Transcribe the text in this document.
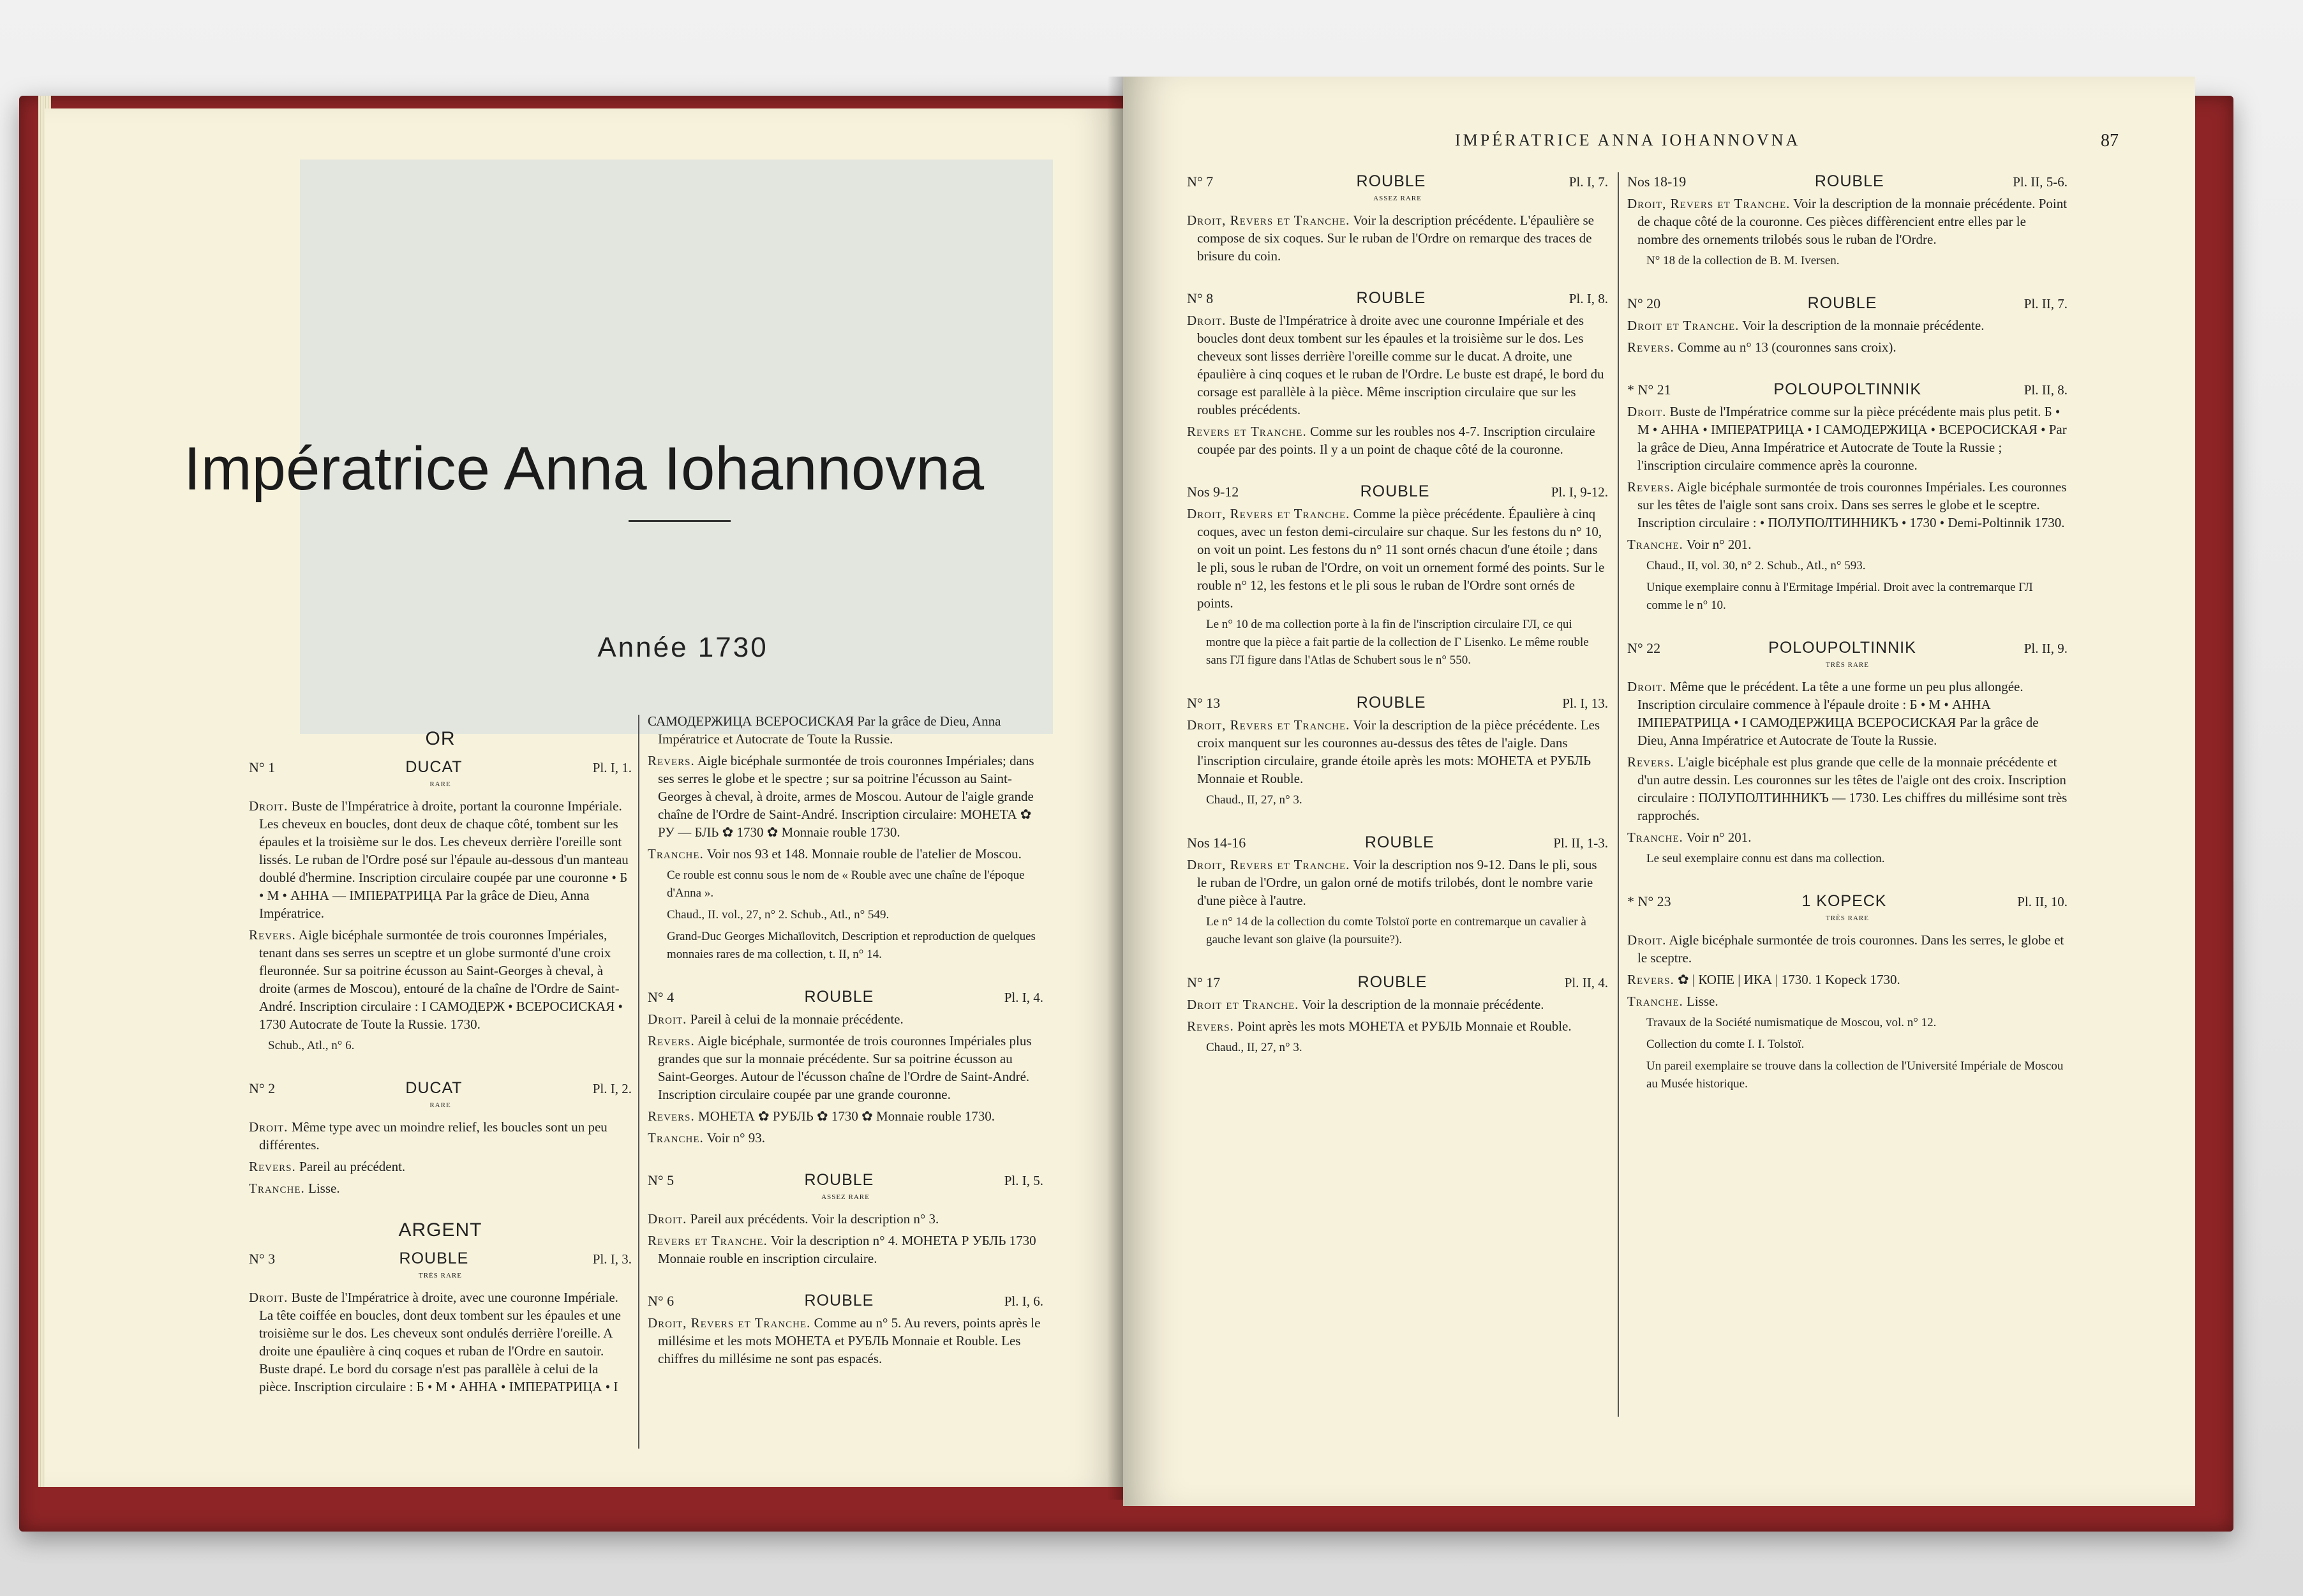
Impératrice Anna Iohannovna
Année 1730
OR
N° 1	DUCAT	Pl. I, 1.
RARE
Droit. Buste de l'Impératrice à droite, portant la couronne Impériale. Les cheveux en boucles, dont deux de chaque côté, tombent sur les épaules et la troisième sur le dos. Les cheveux derrière l'oreille sont lissés. Le ruban de l'Ordre posé sur l'épaule au-dessous d'un manteau doublé d'hermine. Inscription circulaire coupée par une couronne • Б • М • АННА — ІМПЕРАТРИЦА Par la grâce de Dieu, Anna Impératrice.
Revers. Aigle bicéphale surmontée de trois couronnes Impériales, tenant dans ses serres un sceptre et un globe surmonté d'une croix fleuronnée. Sur sa poitrine écusson au Saint-Georges à cheval, à droite (armes de Moscou), entouré de la chaîne de l'Ordre de Saint-André. Inscription circulaire : І САМОДЕРЖ • ВСЕРОСИСКАЯ • 1730 Autocrate de Toute la Russie. 1730.
Schub., Atl., n° 6.
N° 2	DUCAT	Pl. I, 2.
RARE
Droit. Même type avec un moindre relief, les boucles sont un peu différentes.
Revers. Pareil au précédent.
Tranche. Lisse.
ARGENT
N° 3	ROUBLE	Pl. I, 3.
TRÈS RARE
Droit. Buste de l'Impératrice à droite, avec une couronne Impériale. La tête coiffée en boucles, dont deux tombent sur les épaules et une troisième sur le dos. Les cheveux sont ondulés derrière l'oreille. A droite une épaulière à cinq coques et ruban de l'Ordre en sautoir. Buste drapé. Le bord du corsage n'est pas parallèle à celui de la pièce. Inscription circulaire : Б • М • АННА • ІМПЕРАТРИЦА • І
САМОДЕРЖИЦА ВСЕРОСИСКАЯ Par la grâce de Dieu, Anna Impératrice et Autocrate de Toute la Russie.
Revers. Aigle bicéphale surmontée de trois couronnes Impériales; dans ses serres le globe et le spectre ; sur sa poitrine l'écusson au Saint-Georges à cheval, à droite, armes de Moscou. Autour de l'aigle grande chaîne de l'Ordre de Saint-André. Inscription circulaire: МОНЕТА ✿ РУ — БЛЬ ✿ 1730 ✿ Monnaie rouble 1730.
Tranche. Voir nos 93 et 148. Monnaie rouble de l'atelier de Moscou.
Ce rouble est connu sous le nom de « Rouble avec une chaîne de l'époque d'Anna ».
Chaud., II. vol., 27, n° 2. Schub., Atl., n° 549.
Grand-Duc Georges Michaïlovitch, Description et reproduction de quelques monnaies rares de ma collection, t. II, n° 14.
N° 4	ROUBLE	Pl. I, 4.
Droit. Pareil à celui de la monnaie précédente.
Revers. Aigle bicéphale, surmontée de trois couronnes Impériales plus grandes que sur la monnaie précédente. Sur sa poitrine écusson au Saint-Georges. Autour de l'écusson chaîne de l'Ordre de Saint-André. Inscription circulaire coupée par une grande couronne.
Revers. МОНЕТА ✿ РУБЛЬ ✿ 1730 ✿ Monnaie rouble 1730.
Tranche. Voir n° 93.
N° 5	ROUBLE	Pl. I, 5.
ASSEZ RARE
Droit. Pareil aux précédents. Voir la description n° 3.
Revers et Tranche. Voir la description n° 4. МОНЕТА Р УБЛЬ 1730 Monnaie rouble en inscription circulaire.
N° 6	ROUBLE	Pl. I, 6.
Droit, Revers et Tranche. Comme au n° 5. Au revers, points après le millésime et les mots МОНЕТА et РУБЛЬ Monnaie et Rouble. Les chiffres du millésime ne sont pas espacés.
IMPÉRATRICE ANNA IOHANNOVNA	87
N° 7	ROUBLE	Pl. I, 7.
ASSEZ RARE
Droit, Revers et Tranche. Voir la description précédente. L'épaulière se compose de six coques. Sur le ruban de l'Ordre on remarque des traces de brisure du coin.
N° 8	ROUBLE	Pl. I, 8.
Droit. Buste de l'Impératrice à droite avec une couronne Impériale et des boucles dont deux tombent sur les épaules et la troisième sur le dos. Les cheveux sont lisses derrière l'oreille comme sur le ducat. A droite, une épaulière à cinq coques et le ruban de l'Ordre. Le buste est drapé, le bord du corsage est parallèle à la pièce. Même inscription circulaire que sur les roubles précédents.
Revers et Tranche. Comme sur les roubles nos 4-7. Inscription circulaire coupée par des points. Il y a un point de chaque côté de la couronne.
Nos 9-12	ROUBLE	Pl. I, 9-12.
Droit, Revers et Tranche. Comme la pièce précédente. Épaulière à cinq coques, avec un feston demi-circulaire sur chaque. Sur les festons du n° 10, on voit un point. Les festons du n° 11 sont ornés chacun d'une étoile ; dans le pli, sous le ruban de l'Ordre, on voit un ornement formé des points. Sur le rouble n° 12, les festons et le pli sous le ruban de l'Ordre sont ornés de points.
Le n° 10 de ma collection porte à la fin de l'inscription circulaire ГЛ, ce qui montre que la pièce a fait partie de la collection de Г Lisenko. Le même rouble sans ГЛ figure dans l'Atlas de Schubert sous le n° 550.
N° 13	ROUBLE	Pl. I, 13.
Droit, Revers et Tranche. Voir la description de la pièce précédente. Les croix manquent sur les couronnes au-dessus des têtes de l'aigle. Dans l'inscription circulaire, grande étoile après les mots: МОНЕТА et РУБЛЬ Monnaie et Rouble.
Chaud., II, 27, n° 3.
Nos 14-16	ROUBLE	Pl. II, 1-3.
Droit, Revers et Tranche. Voir la description nos 9-12. Dans le pli, sous le ruban de l'Ordre, un galon orné de motifs trilobés, dont le nombre varie d'une pièce à l'autre.
Le n° 14 de la collection du comte Tolstoï porte en contremarque un cavalier à gauche levant son glaive (la poursuite?).
N° 17	ROUBLE	Pl. II, 4.
Droit et Tranche. Voir la description de la monnaie précédente.
Revers. Point après les mots МОНЕТА et РУБЛЬ Monnaie et Rouble.
Chaud., II, 27, n° 3.
Nos 18-19	ROUBLE	Pl. II, 5-6.
Droit, Revers et Tranche. Voir la description de la monnaie précédente. Point de chaque côté de la couronne. Ces pièces diffèrencient entre elles par le nombre des ornements trilobés sous le ruban de l'Ordre.
N° 18 de la collection de B. M. Iversen.
N° 20	ROUBLE	Pl. II, 7.
Droit et Tranche. Voir la description de la monnaie précédente.
Revers. Comme au n° 13 (couronnes sans croix).
* N° 21	POLOUPOLTINNIK	Pl. II, 8.
Droit. Buste de l'Impératrice comme sur la pièce précédente mais plus petit. Б • М • АННА • ІМПЕРАТРИЦА • І САМОДЕРЖИЦА • ВСЕРОСИСКАЯ • Par la grâce de Dieu, Anna Impératrice et Autocrate de Toute la Russie ; l'inscription circulaire commence après la couronne.
Revers. Aigle bicéphale surmontée de trois couronnes Impériales. Les couronnes sur les têtes de l'aigle sont sans croix. Dans ses serres le globe et le sceptre. Inscription circulaire : • ПОЛУПОЛТИННИКЪ • 1730 • Demi-Poltinnik 1730.
Tranche. Voir n° 201.
Chaud., II, vol. 30, n° 2. Schub., Atl., n° 593.
Unique exemplaire connu à l'Ermitage Impérial. Droit avec la contremarque ГЛ comme le n° 10.
N° 22	POLOUPOLTINNIK	Pl. II, 9.
TRÈS RARE
Droit. Même que le précédent. La tête a une forme un peu plus allongée. Inscription circulaire commence à l'épaule droite : Б • М • АННА ІМПЕРАТРИЦА • І САМОДЕРЖИЦА ВСЕРОСИСКАЯ Par la grâce de Dieu, Anna Impératrice et Autocrate de Toute la Russie.
Revers. L'aigle bicéphale est plus grande que celle de la monnaie précédente et d'un autre dessin. Les couronnes sur les têtes de l'aigle ont des croix. Inscription circulaire : ПОЛУПОЛТИННИКЪ — 1730. Les chiffres du millésime sont très rapprochés.
Tranche. Voir n° 201.
Le seul exemplaire connu est dans ma collection.
* N° 23	1 KOPECK	Pl. II, 10.
TRÈS RARE
Droit. Aigle bicéphale surmontée de trois couronnes. Dans les serres, le globe et le sceptre.
Revers. ✿ | КОПЕ | ИКА | 1730. 1 Kopeck 1730.
Tranche. Lisse.
Travaux de la Société numismatique de Moscou, vol. n° 12.
Collection du comte I. I. Tolstoï.
Un pareil exemplaire se trouve dans la collection de l'Université Impériale de Moscou au Musée historique.
